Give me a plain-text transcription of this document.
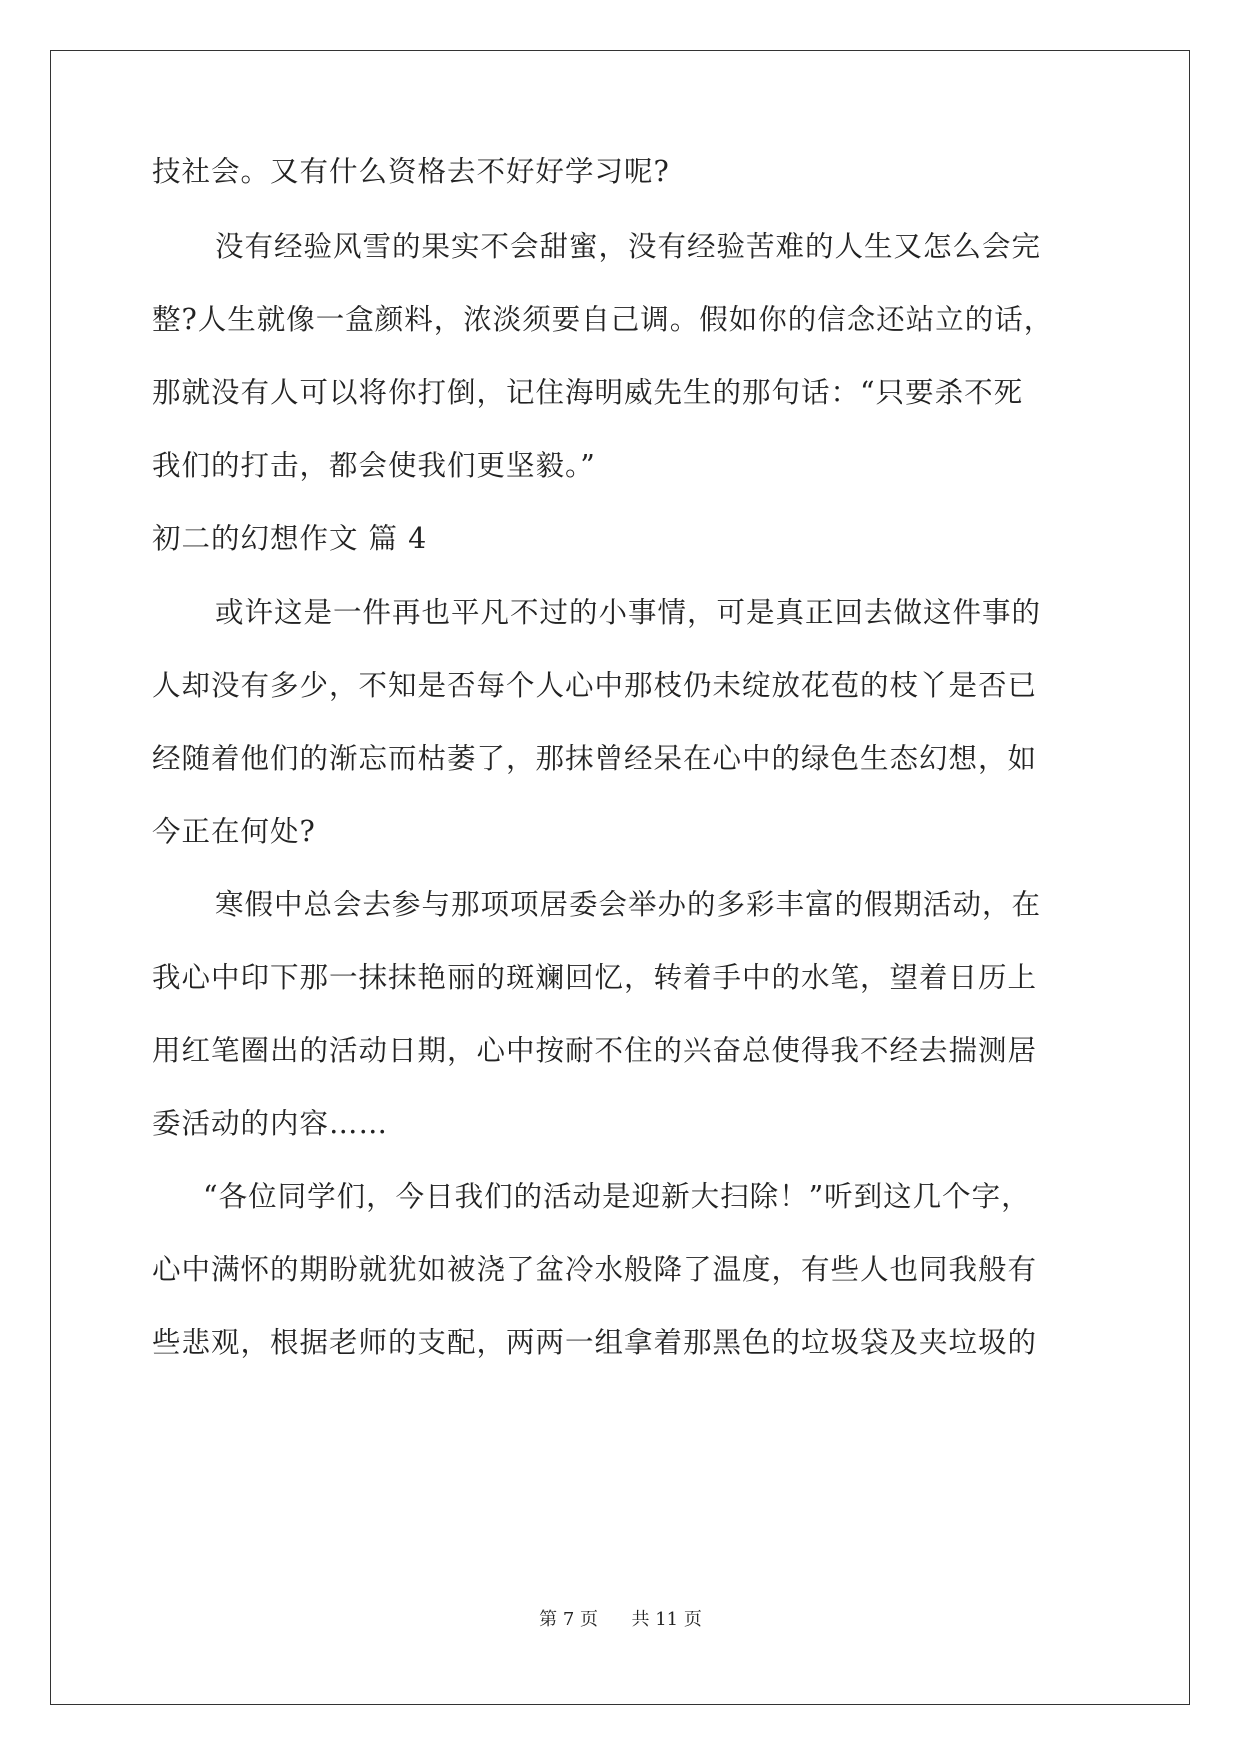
技社会。又有什么资格去不好好学习呢?
没有经验风雪的果实不会甜蜜，没有经验苦难的人生又怎么会完
整?人生就像一盒颜料，浓淡须要自己调。假如你的信念还站立的话，
那就没有人可以将你打倒，记住海明威先生的那句话：“只要杀不死
我们的打击，都会使我们更坚毅。”
初二的幻想作文 篇 4
或许这是一件再也平凡不过的小事情，可是真正回去做这件事的
人却没有多少，不知是否每个人心中那枝仍未绽放花苞的枝丫是否已
经随着他们的渐忘而枯萎了，那抹曾经呆在心中的绿色生态幻想，如
今正在何处?
寒假中总会去参与那项项居委会举办的多彩丰富的假期活动，在
我心中印下那一抹抹艳丽的斑斓回忆，转着手中的水笔，望着日历上
用红笔圈出的活动日期，心中按耐不住的兴奋总使得我不经去揣测居
委活动的内容……
“各位同学们，今日我们的活动是迎新大扫除！”听到这几个字，
心中满怀的期盼就犹如被浇了盆冷水般降了温度，有些人也同我般有
些悲观，根据老师的支配，两两一组拿着那黑色的垃圾袋及夹垃圾的
第 7 页 共 11 页
